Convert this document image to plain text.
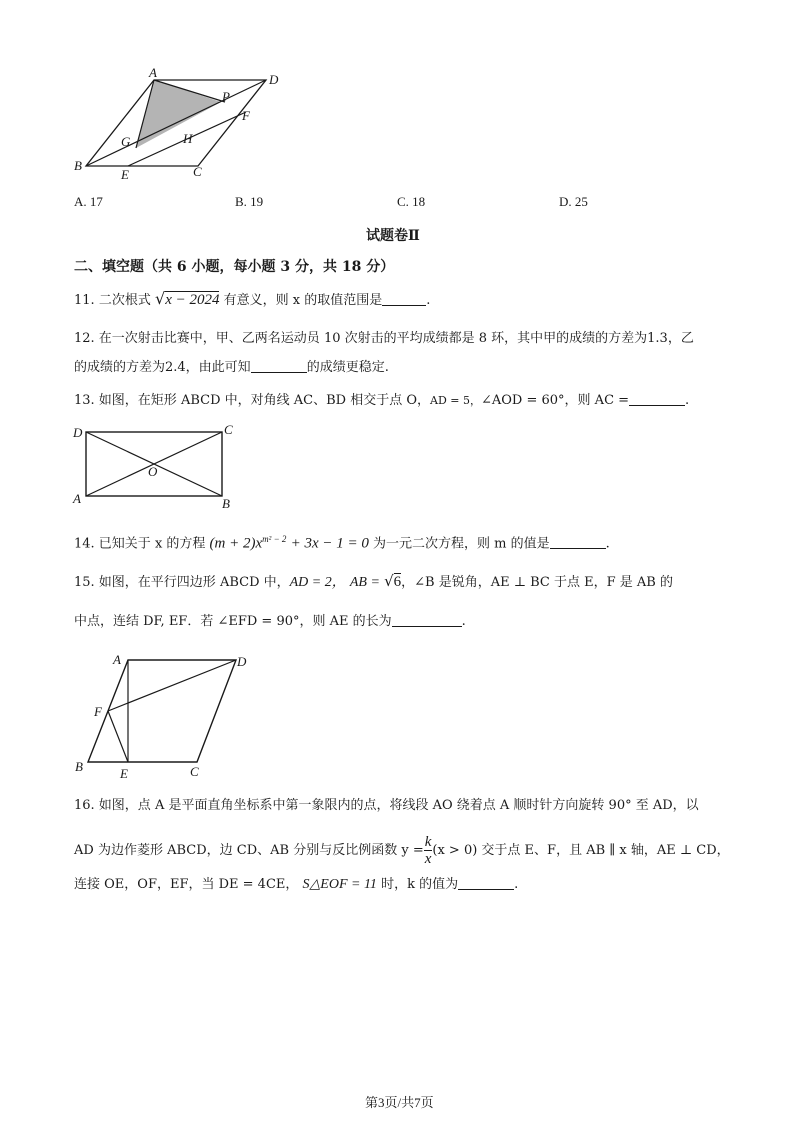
A	D
P
F
G	H
B
E	C
A. 17	B. 19	C. 18	D. 25
试题卷Ⅱ
二、填空题（共 6 小题，每小题 3 分，共 18 分）
11. 二次根式 √x − 2024 有意义，则 x 的取值范围是	.
12. 在一次射击比赛中，甲、乙两名运动员 10 次射击的平均成绩都是 8 环，其中甲的成绩的方差为1.3，乙
的成绩的方差为2.4，由此可知	的成绩更稳定.
13. 如图，在矩形 ABCD 中，对角线 AC、BD 相交于点 O，AD = 5，∠AOD = 60°，则 AC =	.
D	C
O
A	B
14. 已知关于 x 的方程 $(m + 2)x^{m^2 - 2} + 3x - 1 = 0$ 为一元二次方程，则 m 的值是	.
15. 如图，在平行四边形 ABCD 中，AD = 2， AB = √6，∠B 是锐角，AE ⊥ BC 于点 E，F 是 AB 的
中点，连结 DF, EF．若 ∠EFD = 90°，则 AE 的长为	.
A	D
F
B	E	C
16. 如图，点 A 是平面直角坐标系中第一象限内的点，将线段 AO 绕着点 A 顺时针方向旋转 90° 至 AD，以
AD 为边作菱形 ABCD，边 CD、AB 分别与反比例函数 $y = \frac{k}{x} (x > 0)$ 交于点 E、F，且 AB ∥ x 轴，AE ⊥ CD，
连接 OE，OF，EF，当 DE = 4CE， S△EOF = 11 时，k 的值为	.
第3页/共7页
